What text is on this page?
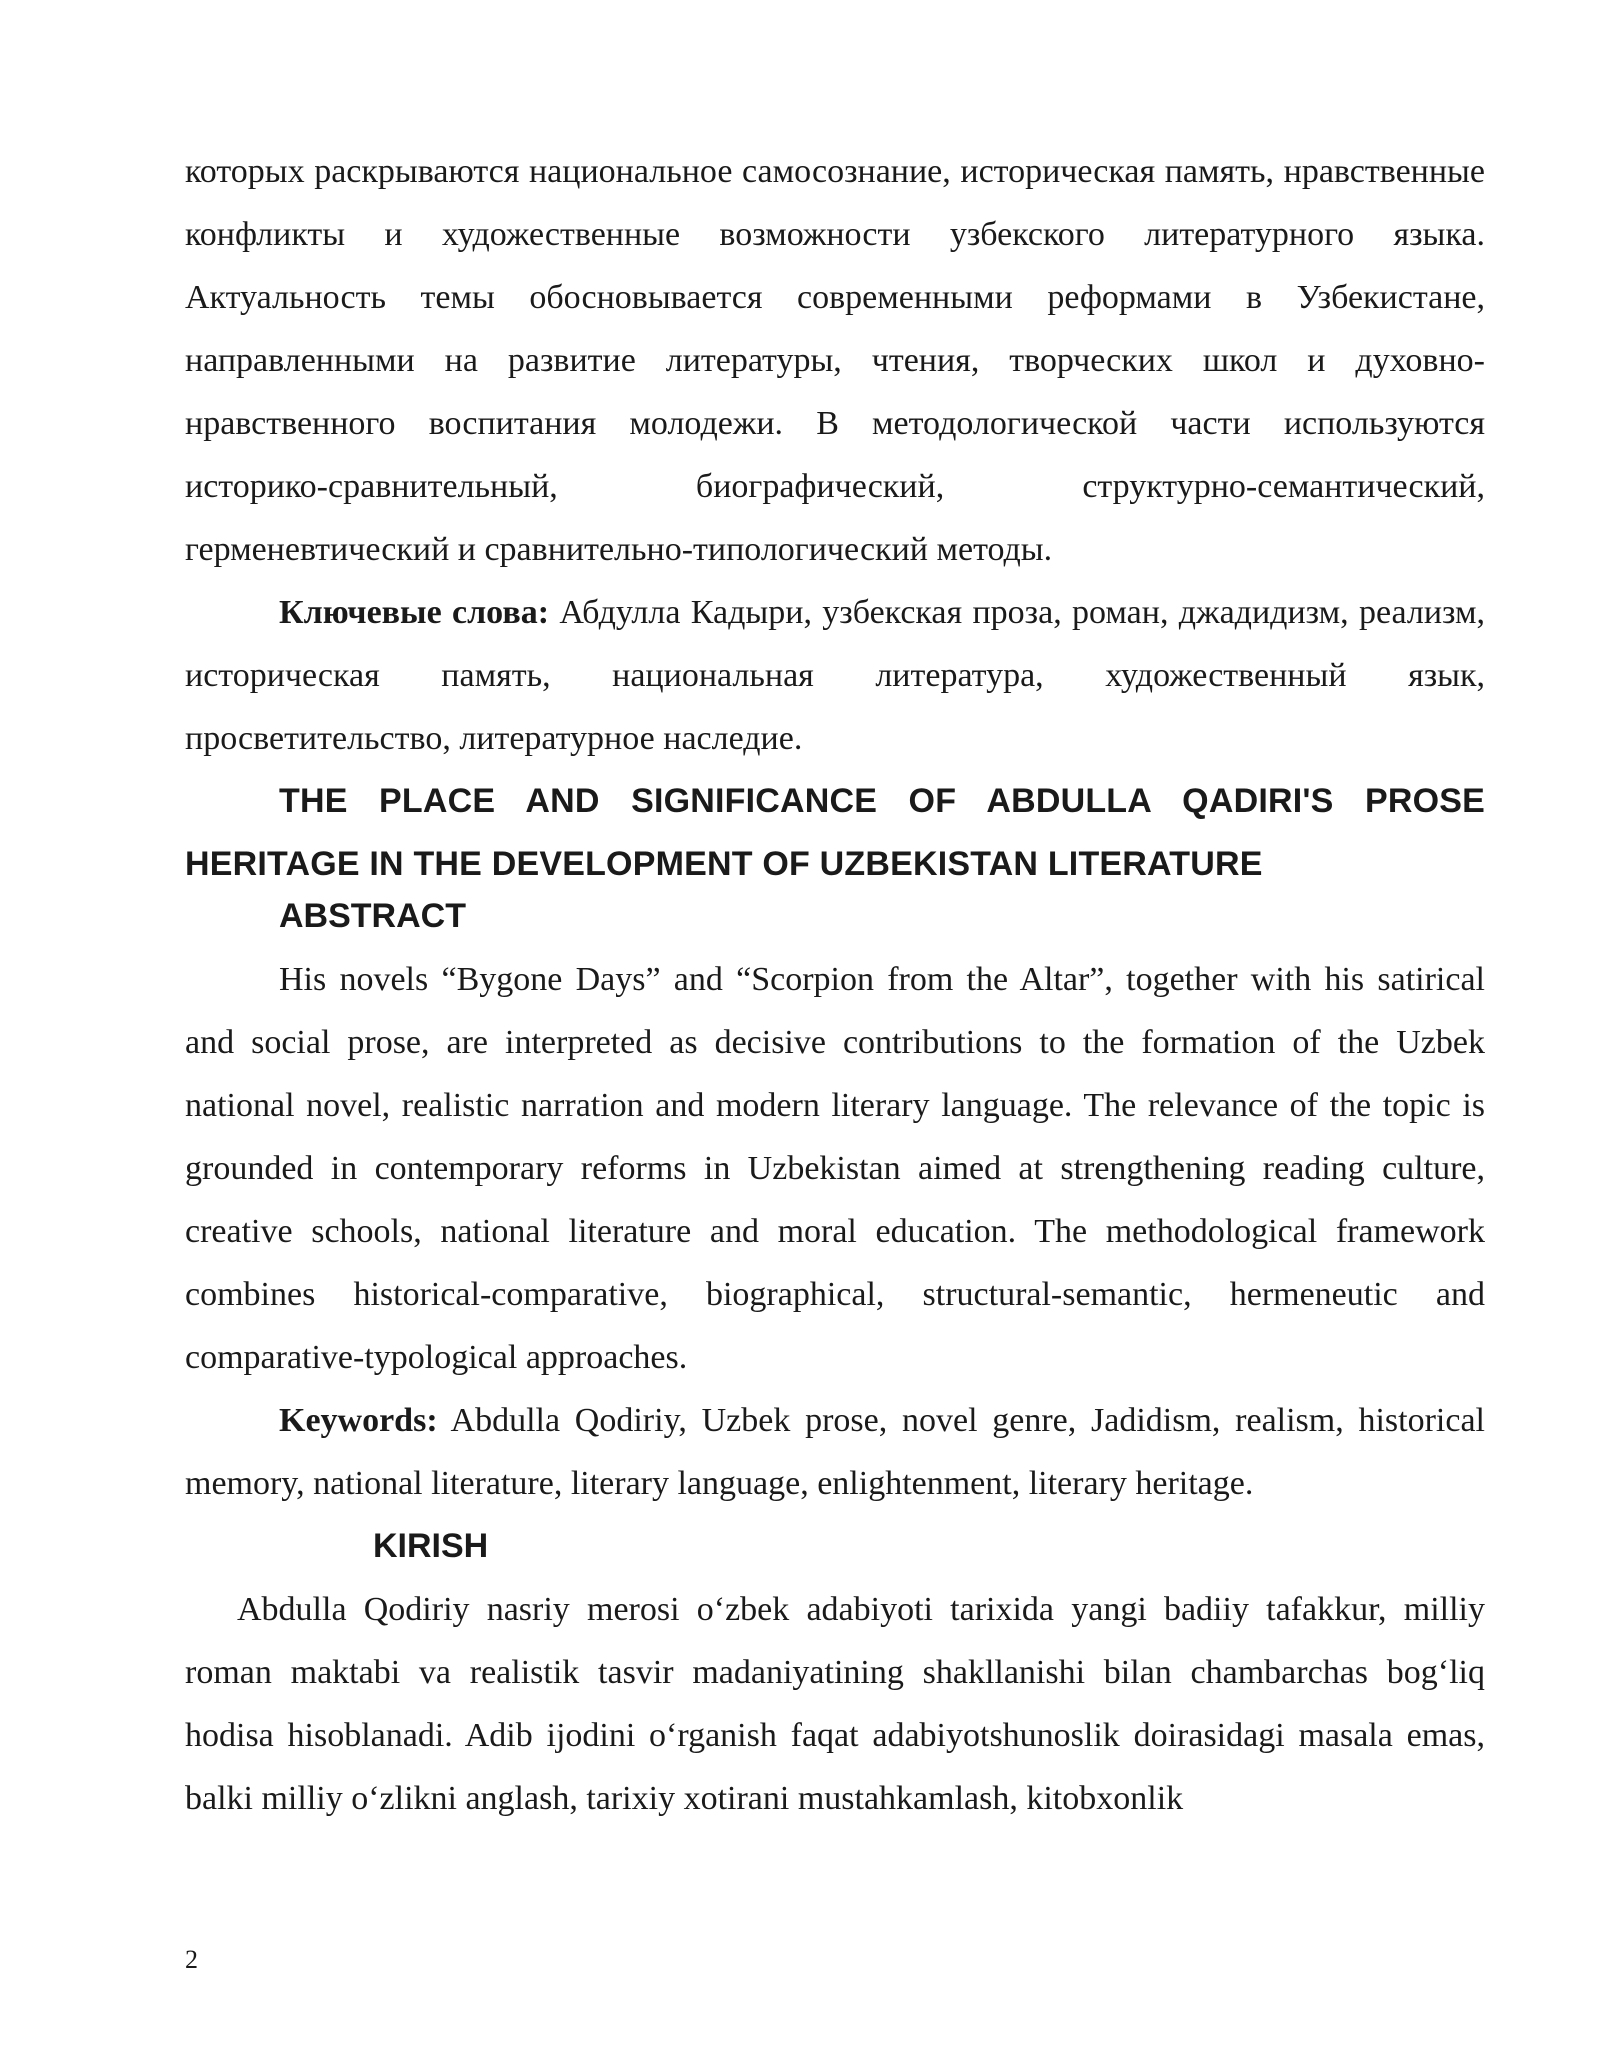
которых раскрываются национальное самосознание, историческая память, нравственные конфликты и художественные возможности узбекского литературного языка. Актуальность темы обосновывается современными реформами в Узбекистане, направленными на развитие литературы, чтения, творческих школ и духовно-нравственного воспитания молодежи. В методологической части используются историко-сравнительный, биографический, структурно-семантический, герменевтический и сравнительно-типологический методы.

Ключевые слова: Абдулла Кадыри, узбекская проза, роман, джадидизм, реализм, историческая память, национальная литература, художественный язык, просветительство, литературное наследие.

THE PLACE AND SIGNIFICANCE OF ABDULLA QADIRI'S PROSE HERITAGE IN THE DEVELOPMENT OF UZBEKISTAN LITERATURE

ABSTRACT

His novels “Bygone Days” and “Scorpion from the Altar”, together with his satirical and social prose, are interpreted as decisive contributions to the formation of the Uzbek national novel, realistic narration and modern literary language. The relevance of the topic is grounded in contemporary reforms in Uzbekistan aimed at strengthening reading culture, creative schools, national literature and moral education. The methodological framework combines historical-comparative, biographical, structural-semantic, hermeneutic and comparative-typological approaches.

Keywords: Abdulla Qodiriy, Uzbek prose, novel genre, Jadidism, realism, historical memory, national literature, literary language, enlightenment, literary heritage.

KIRISH

Abdulla Qodiriy nasriy merosi oʻzbek adabiyoti tarixida yangi badiiy tafakkur, milliy roman maktabi va realistik tasvir madaniyatining shakllanishi bilan chambarchas bogʻliq hodisa hisoblanadi. Adib ijodini oʻrganish faqat adabiyotshunoslik doirasidagi masala emas, balki milliy oʻzlikni anglash, tarixiy xotirani mustahkamlash, kitobxonlik

2
